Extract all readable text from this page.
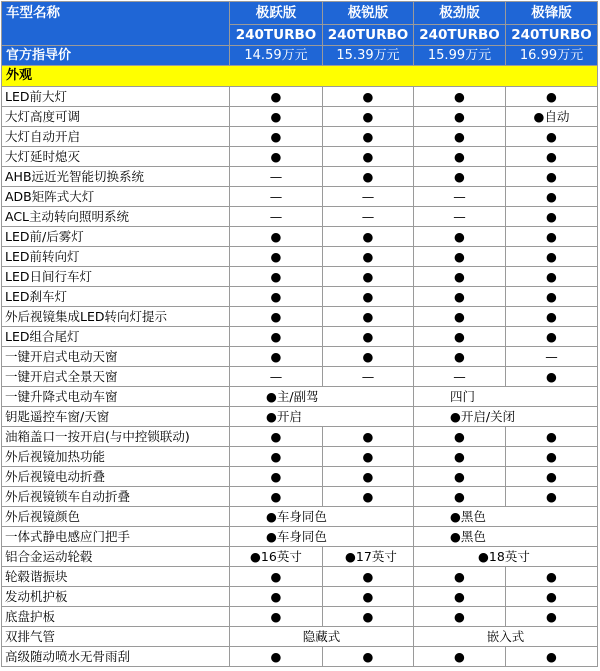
车型名称	极跃版	极锐版	极劲版	极锋版
	240TURBO	240TURBO	240TURBO	240TURBO
官方指导价	14.59万元	15.39万元	15.99万元	16.99万元
外观				
LED前大灯	●	●	●	●
大灯高度可调	●	●	●	●自动
大灯自动开启	●	●	●	●
大灯延时熄灭	●	●	●	●
AHB远近光智能切换系统	—	●	●	●
ADB矩阵式大灯	—	—	—	●
ACL主动转向照明系统	—	—	—	●
LED前/后雾灯	●	●	●	●
LED前转向灯	●	●	●	●
LED日间行车灯	●	●	●	●
LED刹车灯	●	●	●	●
外后视镜集成LED转向灯提示	●	●	●	●
LED组合尾灯	●	●	●	●
一键开启式电动天窗	●	●	●	—
一键开启式全景天窗	—	—	—	●
一键升降式电动车窗	●主/副驾		四门	
钥匙遥控车窗/天窗	●开启		●开启/关闭	
油箱盖口一按开启(与中控锁联动)	●	●	●	●
外后视镜加热功能	●	●	●	●
外后视镜电动折叠	●	●	●	●
外后视镜锁车自动折叠	●	●	●	●
外后视镜颜色	●车身同色		●黑色	
一体式静电感应门把手	●车身同色		●黑色	
铝合金运动轮毂	●16英寸	●17英寸	●18英寸	
轮毂谐振块	●	●	●	●
发动机护板	●	●	●	●
底盘护板	●	●	●	●
双排气管	隐藏式		嵌入式	
高级随动喷水无骨雨刮	●	●	●	●
